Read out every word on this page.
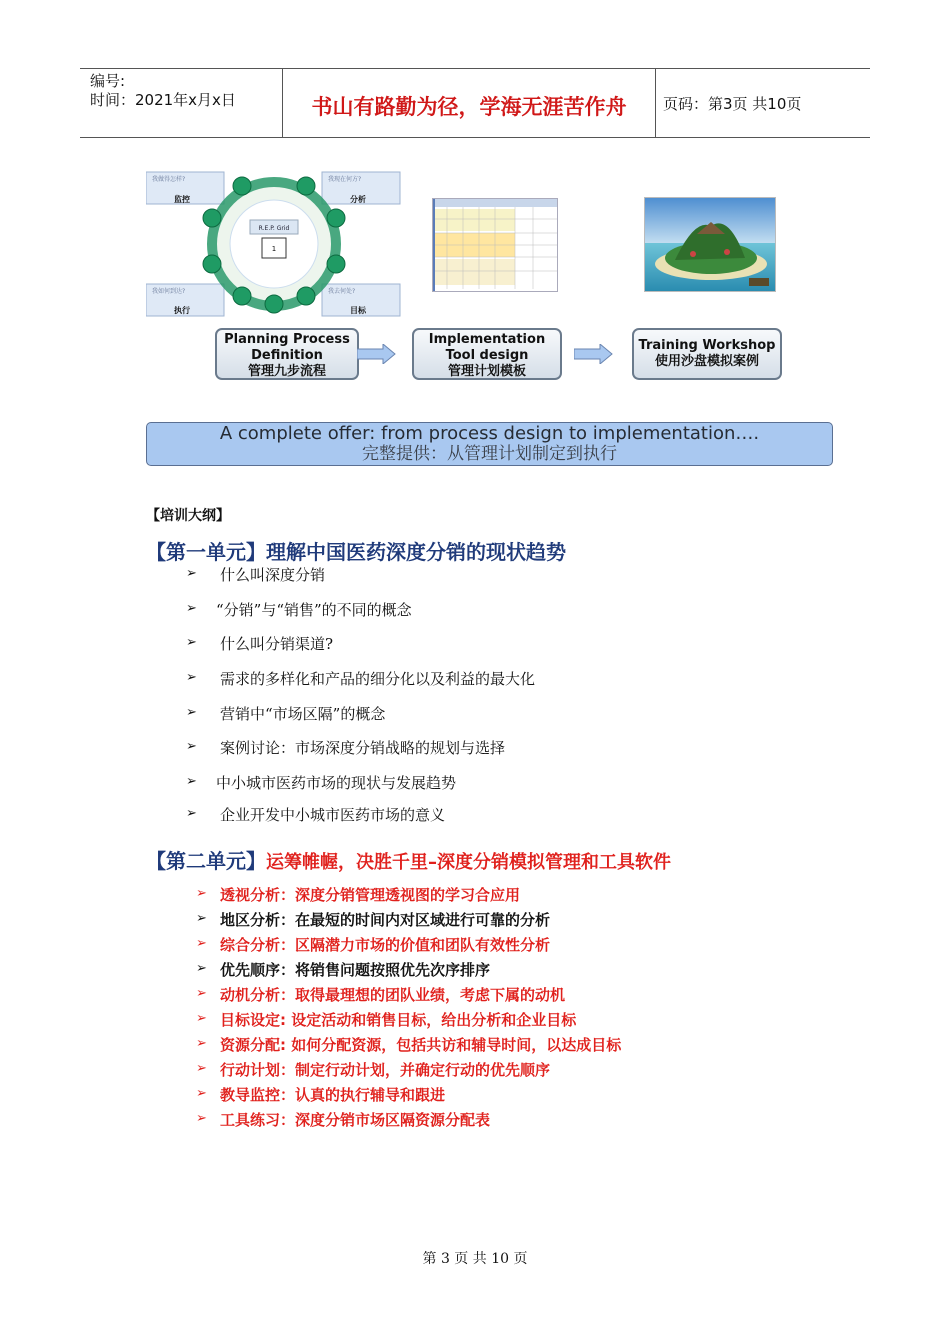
编号:
时间：2021年x月x日	书山有路勤为径，学海无涯苦作舟	页码：第3页 共10页
我做得怎样?	我现在何方?
我如何到达?	我去何处?
监控	分析
执行	目标
R.E.P. Grid
1
Planning Process
Definition
管理九步流程
Implementation
Tool design
管理计划模板
Training Workshop
使用沙盘模拟案例
A complete offer: from process design to implementation….
完整提供：从管理计划制定到执行
【培训大纲】
【第一单元】理解中国医药深度分销的现状趋势
➢ 什么叫深度分销
➢ “分销”与“销售”的不同的概念
➢ 什么叫分销渠道?
➢ 需求的多样化和产品的细分化以及利益的最大化
➢ 营销中“市场区隔”的概念
➢ 案例讨论：市场深度分销战略的规划与选择
➢ 中小城市医药市场的现状与发展趋势
➢ 企业开发中小城市医药市场的意义
【第二单元】运筹帷幄，决胜千里–深度分销模拟管理和工具软件
➢ 透视分析：深度分销管理透视图的学习合应用
➢ 地区分析：在最短的时间内对区域进行可靠的分析
➢ 综合分析：区隔潜力市场的价值和团队有效性分析
➢ 优先顺序：将销售问题按照优先次序排序
➢ 动机分析：取得最理想的团队业绩，考虑下属的动机
➢ 目标设定: 设定活动和销售目标，给出分析和企业目标
➢ 资源分配: 如何分配资源，包括共访和辅导时间，以达成目标
➢ 行动计划：制定行动计划，并确定行动的优先顺序
➢ 教导监控：认真的执行辅导和跟进
➢ 工具练习：深度分销市场区隔资源分配表
第 3 页 共 10 页
